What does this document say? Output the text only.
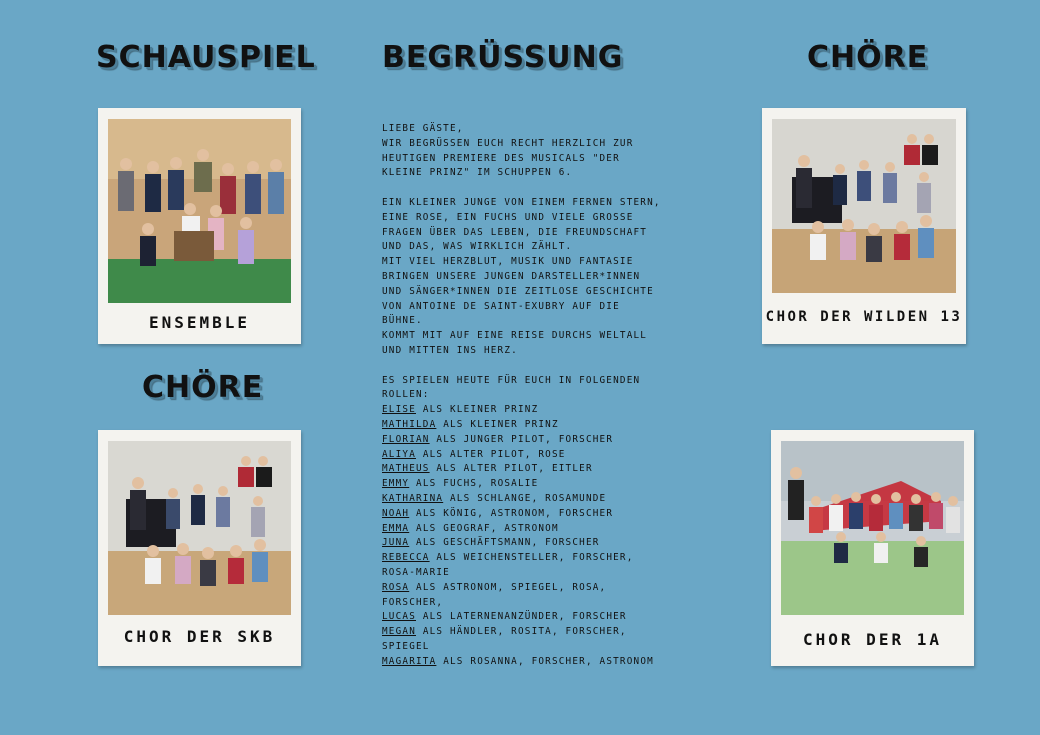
SCHAUSPIEL BEGRÜSSUNG	CHÖRE
CHÖRE
ENSEMBLE
CHOR DER SKB
CHOR DER WILDEN 13
CHOR DER 1A

LIEBE GÄSTE,

WIR BEGRÜSSEN EUCH RECHT HERZLICH ZUR HEUTIGEN PREMIERE DES MUSICALS "DER KLEINE PRINZ" IM SCHUPPEN 6.

EIN KLEINER JUNGE VON EINEM FERNEN STERN, EINE ROSE, EIN FUCHS UND VIELE GROSSE FRAGEN ÜBER DAS LEBEN, DIE FREUNDSCHAFT UND DAS, WAS WIRKLICH ZÄHLT.

MIT VIEL HERZBLUT, MUSIK UND FANTASIE BRINGEN UNSERE JUNGEN DARSTELLER*INNEN UND SÄNGER*INNEN DIE ZEITLOSE GESCHICHTE VON ANTOINE DE SAINT-EXUBRY AUF DIE BÜHNE.

KOMMT MIT AUF EINE REISE DURCHS WELTALL UND MITTEN INS HERZ.

ES SPIELEN HEUTE FÜR EUCH IN FOLGENDEN ROLLEN:

ELISE ALS KLEINER PRINZ
MATHILDA ALS KLEINER PRINZ
FLORIAN ALS JUNGER PILOT, FORSCHER
ALIYA ALS ALTER PILOT, ROSE
MATHEUS ALS ALTER PILOT, EITLER
EMMY ALS FUCHS, ROSALIE
KATHARINA ALS SCHLANGE, ROSAMUNDE
NOAH ALS KÖNIG, ASTRONOM, FORSCHER
EMMA ALS GEOGRAF, ASTRONOM
JUNA ALS GESCHÄFTSMANN, FORSCHER
REBECCA ALS WEICHENSTELLER, FORSCHER, ROSA-MARIE
ROSA ALS ASTRONOM, SPIEGEL, ROSA, FORSCHER,
LUCAS ALS LATERNENANZÜNDER, FORSCHER
MEGAN ALS HÄNDLER, ROSITA, FORSCHER, SPIEGEL
MAGARITA ALS ROSANNA, FORSCHER, ASTRONOM
